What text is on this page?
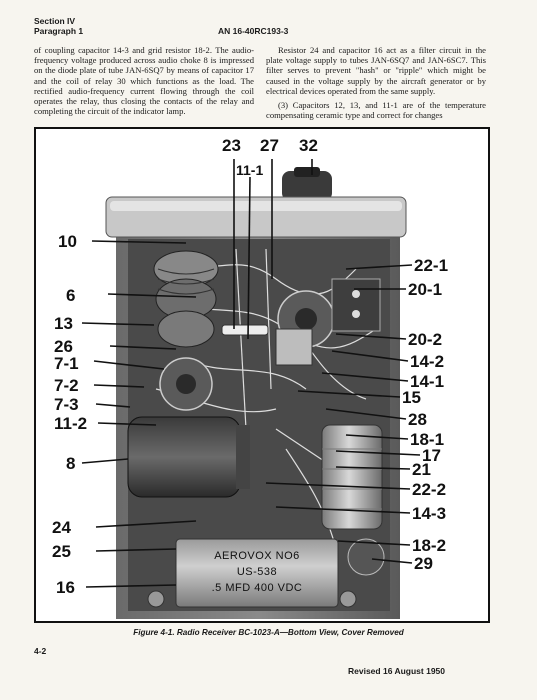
Section IV
Paragraph 1	AN 16-40RC193-3

of coupling capacitor 14-3 and grid resistor 18-2. The audio-frequency voltage produced across audio choke 8 is impressed on the diode plate of tube JAN-6SQ7 by means of capacitor 17 and the coil of relay 30 which functions as the load. The rectified audio-frequency current flowing through the coil operates the relay, thus closing the contacts of the relay and completing the circuit of the indicator lamp.

Resistor 24 and capacitor 16 act as a filter circuit in the plate voltage supply to tubes JAN-6SQ7 and JAN-6SC7. This filter serves to prevent "hash" or "ripple" which might be caused in the voltage supply by the aircraft generator or by electrical devices operated from the same supply.

(3) Capacitors 12, 13, and 11-1 are of the temperature compensating ceramic type and correct for changes

AEROVOX NO6
US-538
.5 MFD 400 VDC
23 27 32
11-1
10
6
13
26
7-1
7-2
7-3
11-2
8
24
25
16
22-1
20-1
20-2
14-2
14-1
15
28
18-1
17
21
22-2
14-3
18-2
29
Figure 4-1. Radio Receiver BC-1023-A—Bottom View, Cover Removed
4-2
Revised 16 August 1950
